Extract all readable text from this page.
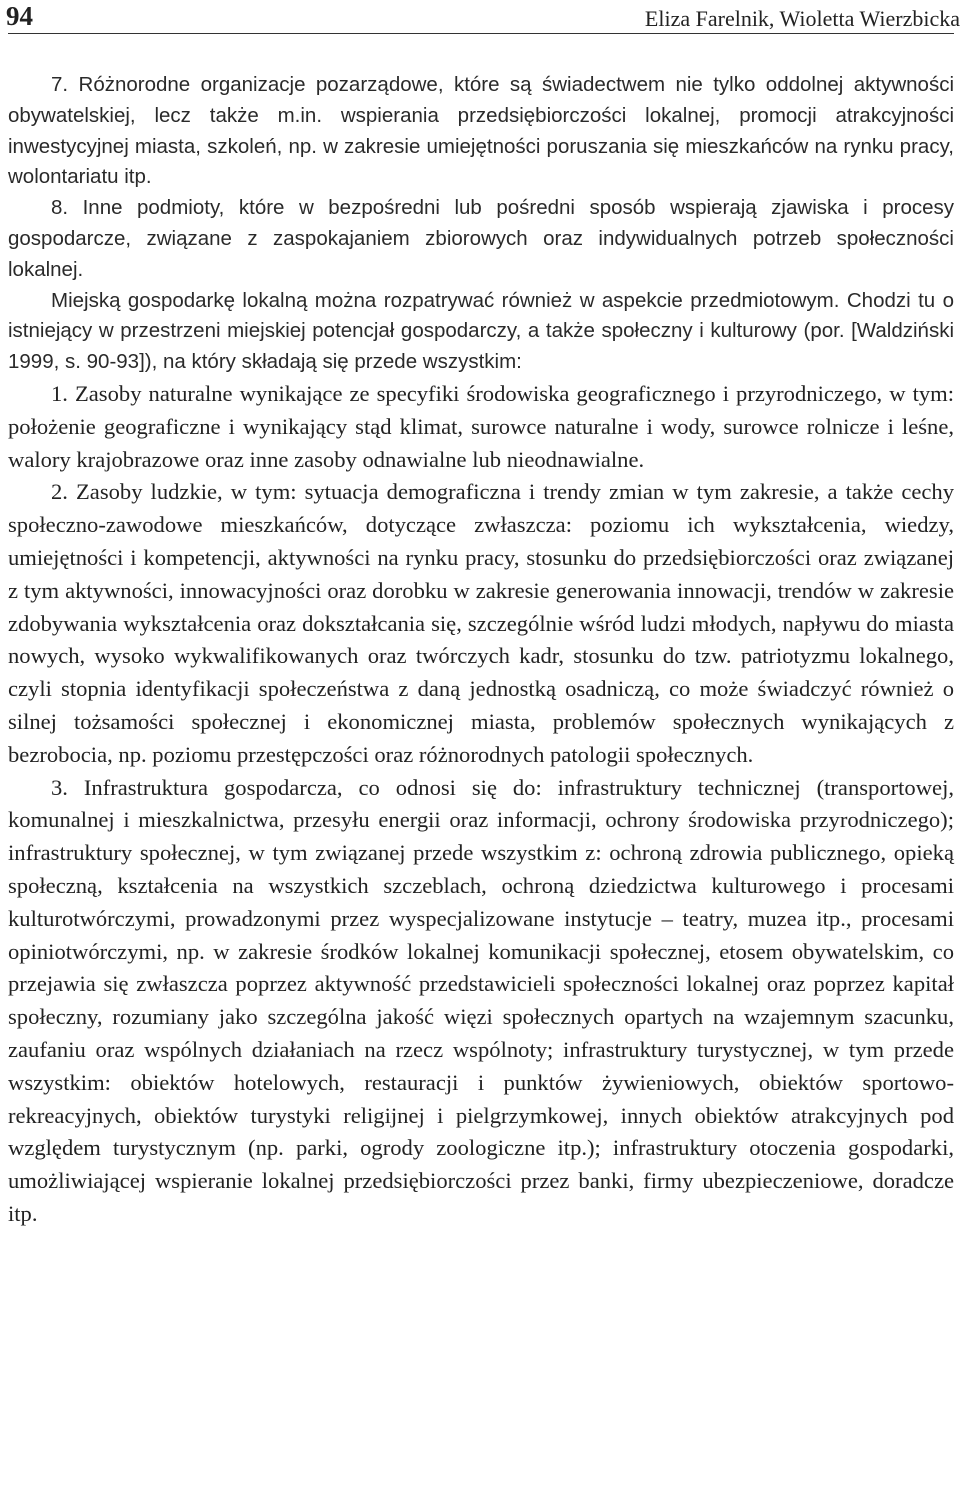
94	Eliza Farelnik, Wioletta Wierzbicka

7. Różnorodne organizacje pozarządowe, które są świadectwem nie tylko oddolnej aktywności obywatelskiej, lecz także m.in. wspierania przedsiębiorczości lokalnej, promocji atrakcyjności inwestycyjnej miasta, szkoleń, np. w zakresie umiejętności poruszania się mieszkańców na rynku pracy, wolontariatu itp.

8. Inne podmioty, które w bezpośredni lub pośredni sposób wspierają zjawiska i procesy gospodarcze, związane z zaspokajaniem zbiorowych oraz indywidualnych potrzeb społeczności lokalnej.

Miejską gospodarkę lokalną można rozpatrywać również w aspekcie przedmiotowym. Chodzi tu o istniejący w przestrzeni miejskiej potencjał gospodarczy, a także społeczny i kulturowy (por. [Waldziński 1999, s. 90-93]), na który składają się przede wszystkim:

1. Zasoby naturalne wynikające ze specyfiki środowiska geograficznego i przyrodniczego, w tym: położenie geograficzne i wynikający stąd klimat, surowce naturalne i wody, surowce rolnicze i leśne, walory krajobrazowe oraz inne zasoby odnawialne lub nieodnawialne.

2. Zasoby ludzkie, w tym: sytuacja demograficzna i trendy zmian w tym zakresie, a także cechy społeczno-zawodowe mieszkańców, dotyczące zwłaszcza: poziomu ich wykształcenia, wiedzy, umiejętności i kompetencji, aktywności na rynku pracy, stosunku do przedsiębiorczości oraz związanej z tym aktywności, innowacyjności oraz dorobku w zakresie generowania innowacji, trendów w zakresie zdobywania wykształcenia oraz dokształcania się, szczególnie wśród ludzi młodych, napływu do miasta nowych, wysoko wykwalifikowanych oraz twórczych kadr, stosunku do tzw. patriotyzmu lokalnego, czyli stopnia identyfikacji społeczeństwa z daną jednostką osadniczą, co może świadczyć również o silnej tożsamości społecznej i ekonomicznej miasta, problemów społecznych wynikających z bezrobocia, np. poziomu przestępczości oraz różnorodnych patologii społecznych.

3. Infrastruktura gospodarcza, co odnosi się do: infrastruktury technicznej (transportowej, komunalnej i mieszkalnictwa, przesyłu energii oraz informacji, ochrony środowiska przyrodniczego); infrastruktury społecznej, w tym związanej przede wszystkim z: ochroną zdrowia publicznego, opieką społeczną, kształcenia na wszystkich szczeblach, ochroną dziedzictwa kulturowego i procesami kulturotwórczymi, prowadzonymi przez wyspecjalizowane instytucje – teatry, muzea itp., procesami opiniotwórczymi, np. w zakresie środków lokalnej komunikacji społecznej, etosem obywatelskim, co przejawia się zwłaszcza poprzez aktywność przedstawicieli społeczności lokalnej oraz poprzez kapitał społeczny, rozumiany jako szczególna jakość więzi społecznych opartych na wzajemnym szacunku, zaufaniu oraz wspólnych działaniach na rzecz wspólnoty; infrastruktury turystycznej, w tym przede wszystkim: obiektów hotelowych, restauracji i punktów żywieniowych, obiektów sportowo-rekreacyjnych, obiektów turystyki religijnej i pielgrzymkowej, innych obiektów atrakcyjnych pod względem turystycznym (np. parki, ogrody zoologiczne itp.); infrastruktury otoczenia gospodarki, umożliwiającej wspieranie lokalnej przedsiębiorczości przez banki, firmy ubezpieczeniowe, doradcze itp.
